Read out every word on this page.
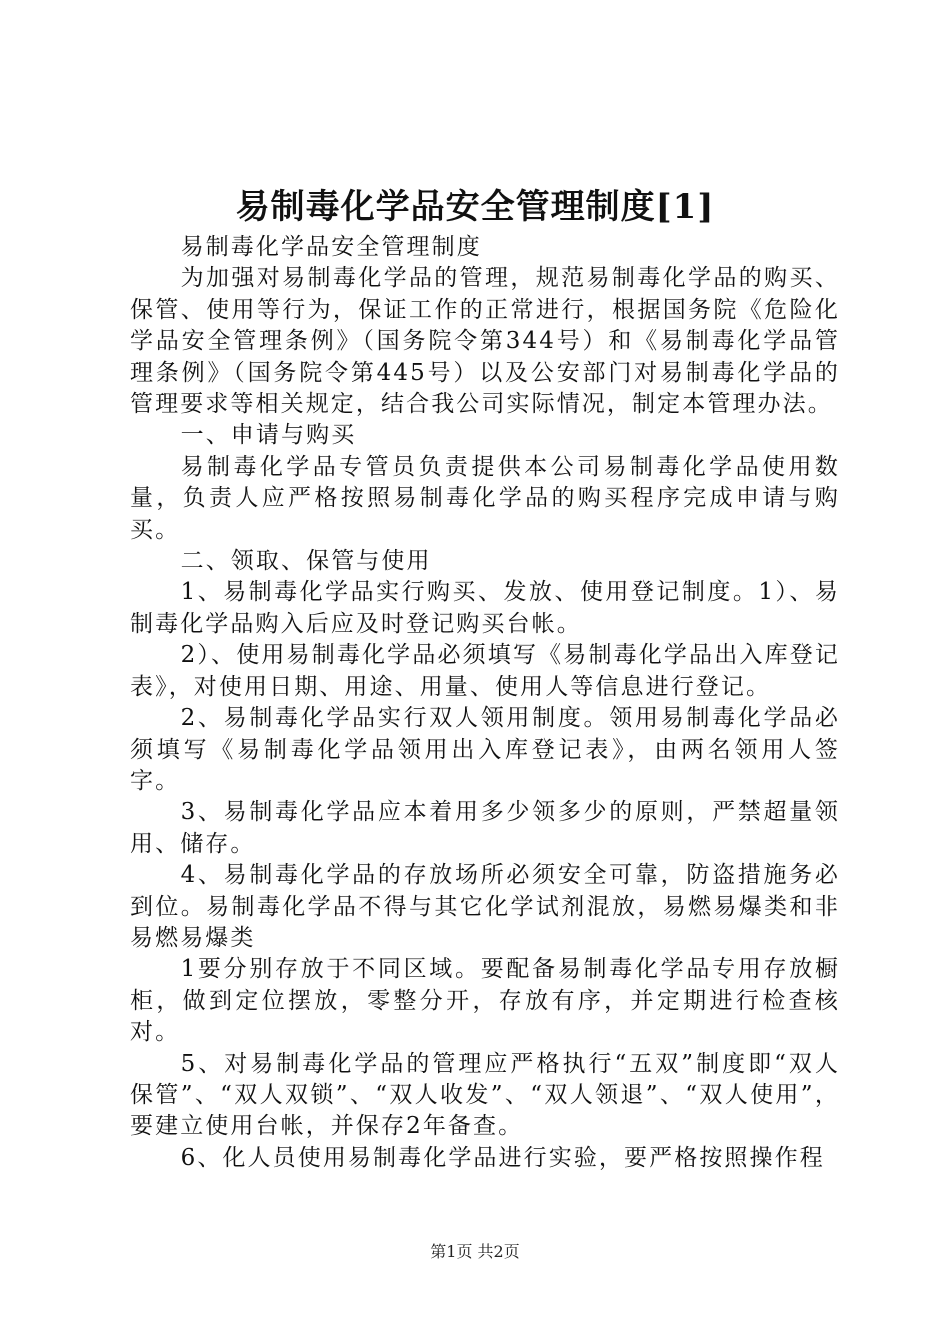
易制毒化学品安全管理制度[1]

易制毒化学品安全管理制度

为加强对易制毒化学品的管理，规范易制毒化学品的购买、保管、使用等行为，保证工作的正常进行，根据国务院《危险化学品安全管理条例》（国务院令第344号）和《易制毒化学品管理条例》（国务院令第445号）以及公安部门对易制毒化学品的管理要求等相关规定，结合我公司实际情况，制定本管理办法。

一、申请与购买

易制毒化学品专管员负责提供本公司易制毒化学品使用数量，负责人应严格按照易制毒化学品的购买程序完成申请与购买。

二、领取、保管与使用

1、易制毒化学品实行购买、发放、使用登记制度。1）、易制毒化学品购入后应及时登记购买台帐。

2）、使用易制毒化学品必须填写《易制毒化学品出入库登记表》，对使用日期、用途、用量、使用人等信息进行登记。

2、易制毒化学品实行双人领用制度。领用易制毒化学品必须填写《易制毒化学品领用出入库登记表》，由两名领用人签字。

3、易制毒化学品应本着用多少领多少的原则，严禁超量领用、储存。

4、易制毒化学品的存放场所必须安全可靠，防盗措施务必到位。易制毒化学品不得与其它化学试剂混放，易燃易爆类和非易燃易爆类

1要分别存放于不同区域。要配备易制毒化学品专用存放橱柜，做到定位摆放，零整分开，存放有序，并定期进行检查核对。

5、对易制毒化学品的管理应严格执行“五双”制度即“双人保管”、“双人双锁”、“双人收发”、“双人领退”、“双人使用”，要建立使用台帐，并保存2年备查。

6、化人员使用易制毒化学品进行实验，要严格按照操作程

第1页 共2页
